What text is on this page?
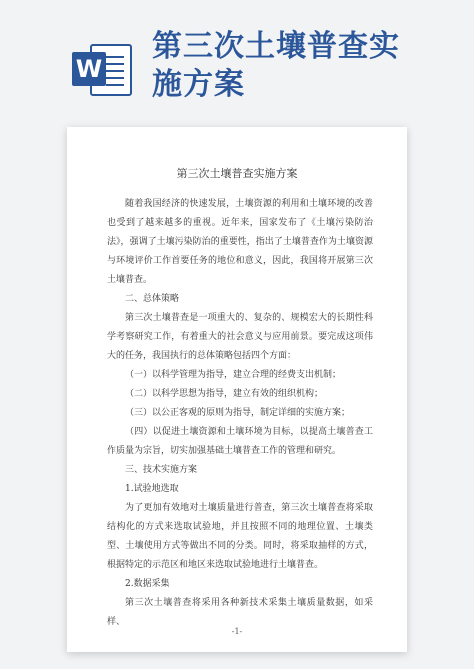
W
第三次土壤普查实
施方案
第三次土壤普查实施方案

随着我国经济的快速发展，土壤资源的利用和土壤环境的改善也受到了越来越多的重视。近年来，国家发布了《土壤污染防治法》，强调了土壤污染防治的重要性，指出了土壤普查作为土壤资源与环境评价工作首要任务的地位和意义，因此，我国将开展第三次土壤普查。

二、总体策略

第三次土壤普查是一项重大的、复杂的、规模宏大的长期性科学考察研究工作，有着重大的社会意义与应用前景。要完成这项伟大的任务，我国执行的总体策略包括四个方面：

（一）以科学管理为指导，建立合理的经费支出机制；

（二）以科学思想为指导，建立有效的组织机构；

（三）以公正客观的原则为指导，制定详细的实施方案；

（四）以促进土壤资源和土壤环境为目标，以提高土壤普查工作质量为宗旨，切实加强基础土壤普查工作的管理和研究。

三、技术实施方案

1.试验地选取

为了更加有效地对土壤质量进行普查，第三次土壤普查将采取结构化的方式来选取试验地，并且按照不同的地理位置、土壤类型、土壤使用方式等做出不同的分类。同时，将采取抽样的方式，根据特定的示范区和地区来选取试验地进行土壤普查。

2.数据采集

第三次土壤普查将采用各种新技术采集土壤质量数据，如采样、

-1-
